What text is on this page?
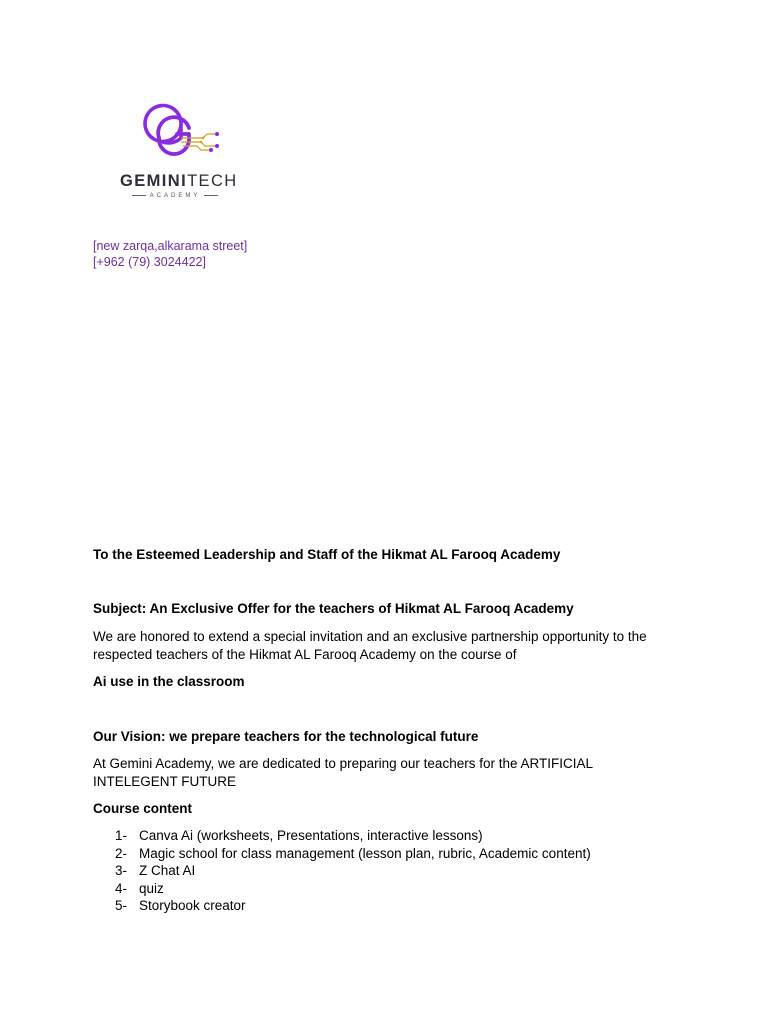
GEMINITECH
ACADEMY
[new zarqa,alkarama street]
[+962 (79) 3024422]
To the Esteemed Leadership and Staff of the Hikmat AL Farooq Academy
Subject: An Exclusive Offer for the teachers of Hikmat AL Farooq Academy
We are honored to extend a special invitation and an exclusive partnership opportunity to the respected teachers of the Hikmat AL Farooq Academy on the course of
Ai use in the classroom
Our Vision: we prepare teachers for the technological future
At Gemini Academy, we are dedicated to preparing our teachers for the ARTIFICIAL INTELEGENT FUTURE
Course content
1- Canva Ai (worksheets, Presentations, interactive lessons)
2- Magic school for class management (lesson plan, rubric, Academic content)
3- Z Chat AI
4- quiz
5- Storybook creator
